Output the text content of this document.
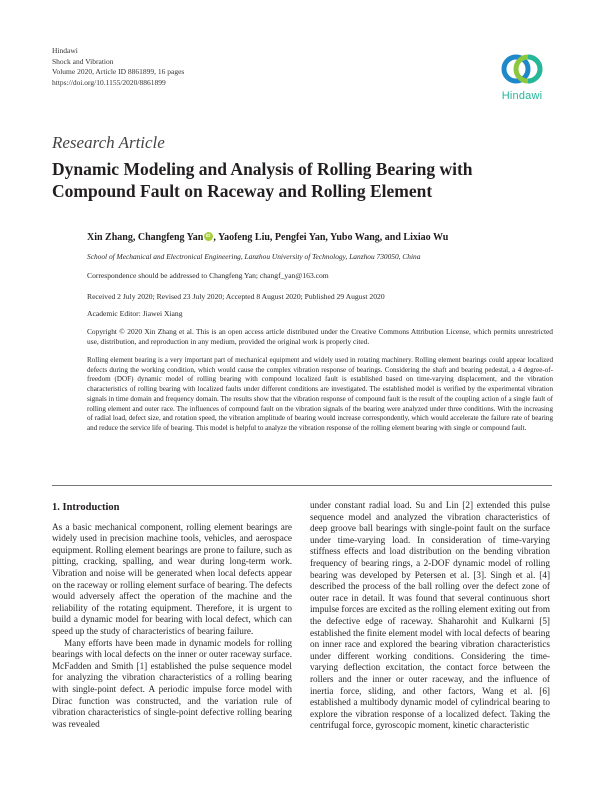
Hindawi
Shock and Vibration
Volume 2020, Article ID 8861899, 16 pages
https://doi.org/10.1155/2020/8861899
Hindawi
Research Article
Dynamic Modeling and Analysis of Rolling Bearing with Compound Fault on Raceway and Rolling Element
Xin Zhang, Changfeng YaniD , Yaofeng Liu, Pengfei Yan, Yubo Wang, and Lixiao Wu
School of Mechanical and Electronical Engineering, Lanzhou University of Technology, Lanzhou 730050, China
Correspondence should be addressed to Changfeng Yan; changf_yan@163.com
Received 2 July 2020; Revised 23 July 2020; Accepted 8 August 2020; Published 29 August 2020
Academic Editor: Jiawei Xiang
Copyright © 2020 Xin Zhang et al. This is an open access article distributed under the Creative Commons Attribution License, which permits unrestricted use, distribution, and reproduction in any medium, provided the original work is properly cited.
Rolling element bearing is a very important part of mechanical equipment and widely used in rotating machinery. Rolling element bearings could appear localized defects during the working condition, which would cause the complex vibration response of bearings. Considering the shaft and bearing pedestal, a 4 degree-of-freedom (DOF) dynamic model of rolling bearing with compound localized fault is established based on time-varying displacement, and the vibration characteristics of rolling bearing with localized faults under different conditions are investigated. The established model is verified by the experimental vibration signals in time domain and frequency domain. The results show that the vibration response of compound fault is the result of the coupling action of a single fault of rolling element and outer race. The influences of compound fault on the vibration signals of the bearing were analyzed under three conditions. With the increasing of radial load, defect size, and rotation speed, the vibration amplitude of bearing would increase correspondently, which would accelerate the failure rate of bearing and reduce the service life of bearing. This model is helpful to analyze the vibration response of the rolling element bearing with single or compound fault.
1. Introduction

As a basic mechanical component, rolling element bearings are widely used in precision machine tools, vehicles, and aerospace equipment. Rolling element bearings are prone to failure, such as pitting, cracking, spalling, and wear during long-term work. Vibration and noise will be generated when local defects appear on the raceway or rolling element surface of bearing. The defects would adversely affect the operation of the machine and the reliability of the rotating equipment. Therefore, it is urgent to build a dynamic model for bearing with local defect, which can speed up the study of characteristics of bearing failure.

Many efforts have been made in dynamic models for rolling bearings with local defects on the inner or outer raceway surface. McFadden and Smith [1] established the pulse sequence model for analyzing the vibration characteristics of a rolling bearing with single-point defect. A periodic impulse force model with Dirac function was constructed, and the variation rule of vibration characteristics of single-point defective rolling bearing was revealed

under constant radial load. Su and Lin [2] extended this pulse sequence model and analyzed the vibration characteristics of deep groove ball bearings with single-point fault on the surface under time-varying load. In consideration of time-varying stiffness effects and load distribution on the bending vibration frequency of bearing rings, a 2-DOF dynamic model of rolling bearing was developed by Petersen et al. [3]. Singh et al. [4] described the process of the ball rolling over the defect zone of outer race in detail. It was found that several continuous short impulse forces are excited as the rolling element exiting out from the defective edge of raceway. Shaharohit and Kulkarni [5] established the finite element model with local defects of bearing on inner race and explored the bearing vibration characteristics under different working conditions. Considering the time-varying deflection excitation, the contact force between the rollers and the inner or outer raceway, and the influence of inertia force, sliding, and other factors, Wang et al. [6] established a multibody dynamic model of cylindrical bearing to explore the vibration response of a localized defect. Taking the centrifugal force, gyroscopic moment, kinetic characteristic
